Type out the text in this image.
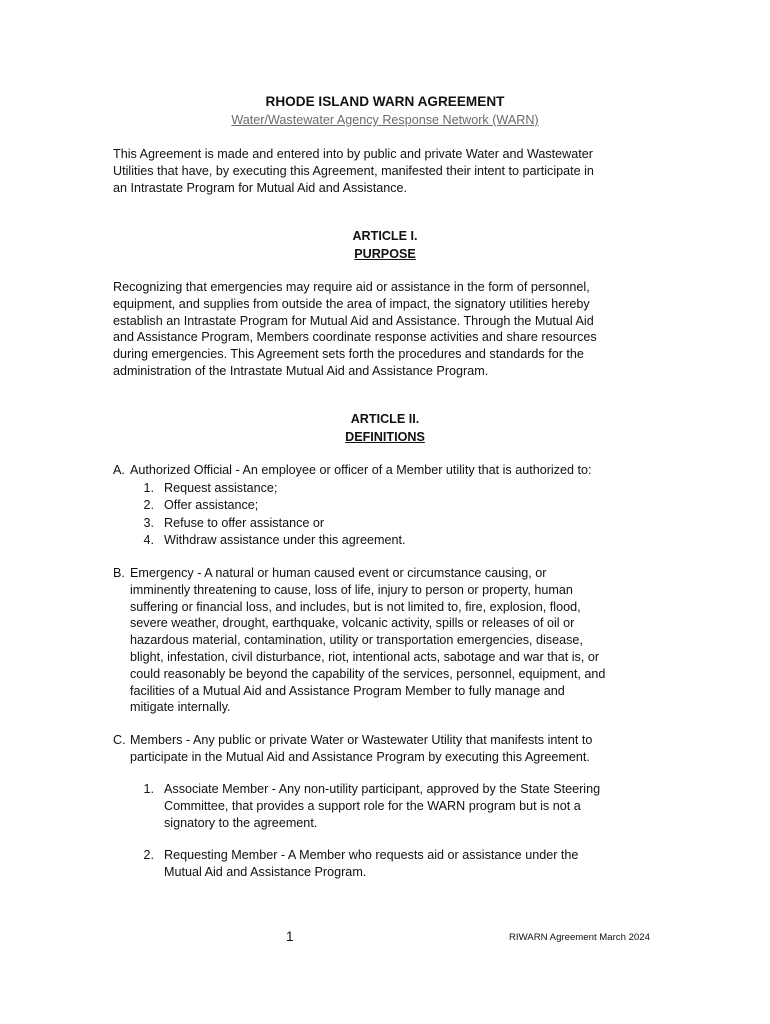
RHODE ISLAND WARN AGREEMENT
Water/Wastewater Agency Response Network (WARN)
This Agreement is made and entered into by public and private Water and Wastewater
Utilities that have, by executing this Agreement, manifested their intent to participate in
an Intrastate Program for Mutual Aid and Assistance.
ARTICLE I.
PURPOSE
Recognizing that emergencies may require aid or assistance in the form of personnel,
equipment, and supplies from outside the area of impact, the signatory utilities hereby
establish an Intrastate Program for Mutual Aid and Assistance. Through the Mutual Aid
and Assistance Program, Members coordinate response activities and share resources
during emergencies. This Agreement sets forth the procedures and standards for the
administration of the Intrastate Mutual Aid and Assistance Program.
ARTICLE II.
DEFINITIONS
A. Authorized Official - An employee or officer of a Member utility that is authorized to:
1. Request assistance;
2. Offer assistance;
3. Refuse to offer assistance or
4. Withdraw assistance under this agreement.
B. Emergency - A natural or human caused event or circumstance causing, or
imminently threatening to cause, loss of life, injury to person or property, human
suffering or financial loss, and includes, but is not limited to, fire, explosion, flood,
severe weather, drought, earthquake, volcanic activity, spills or releases of oil or
hazardous material, contamination, utility or transportation emergencies, disease,
blight, infestation, civil disturbance, riot, intentional acts, sabotage and war that is, or
could reasonably be beyond the capability of the services, personnel, equipment, and
facilities of a Mutual Aid and Assistance Program Member to fully manage and
mitigate internally.
C. Members - Any public or private Water or Wastewater Utility that manifests intent to
participate in the Mutual Aid and Assistance Program by executing this Agreement.
1. Associate Member - Any non-utility participant, approved by the State Steering
Committee, that provides a support role for the WARN program but is not a
signatory to the agreement.
2. Requesting Member - A Member who requests aid or assistance under the
Mutual Aid and Assistance Program.
1	RIWARN Agreement March 2024
